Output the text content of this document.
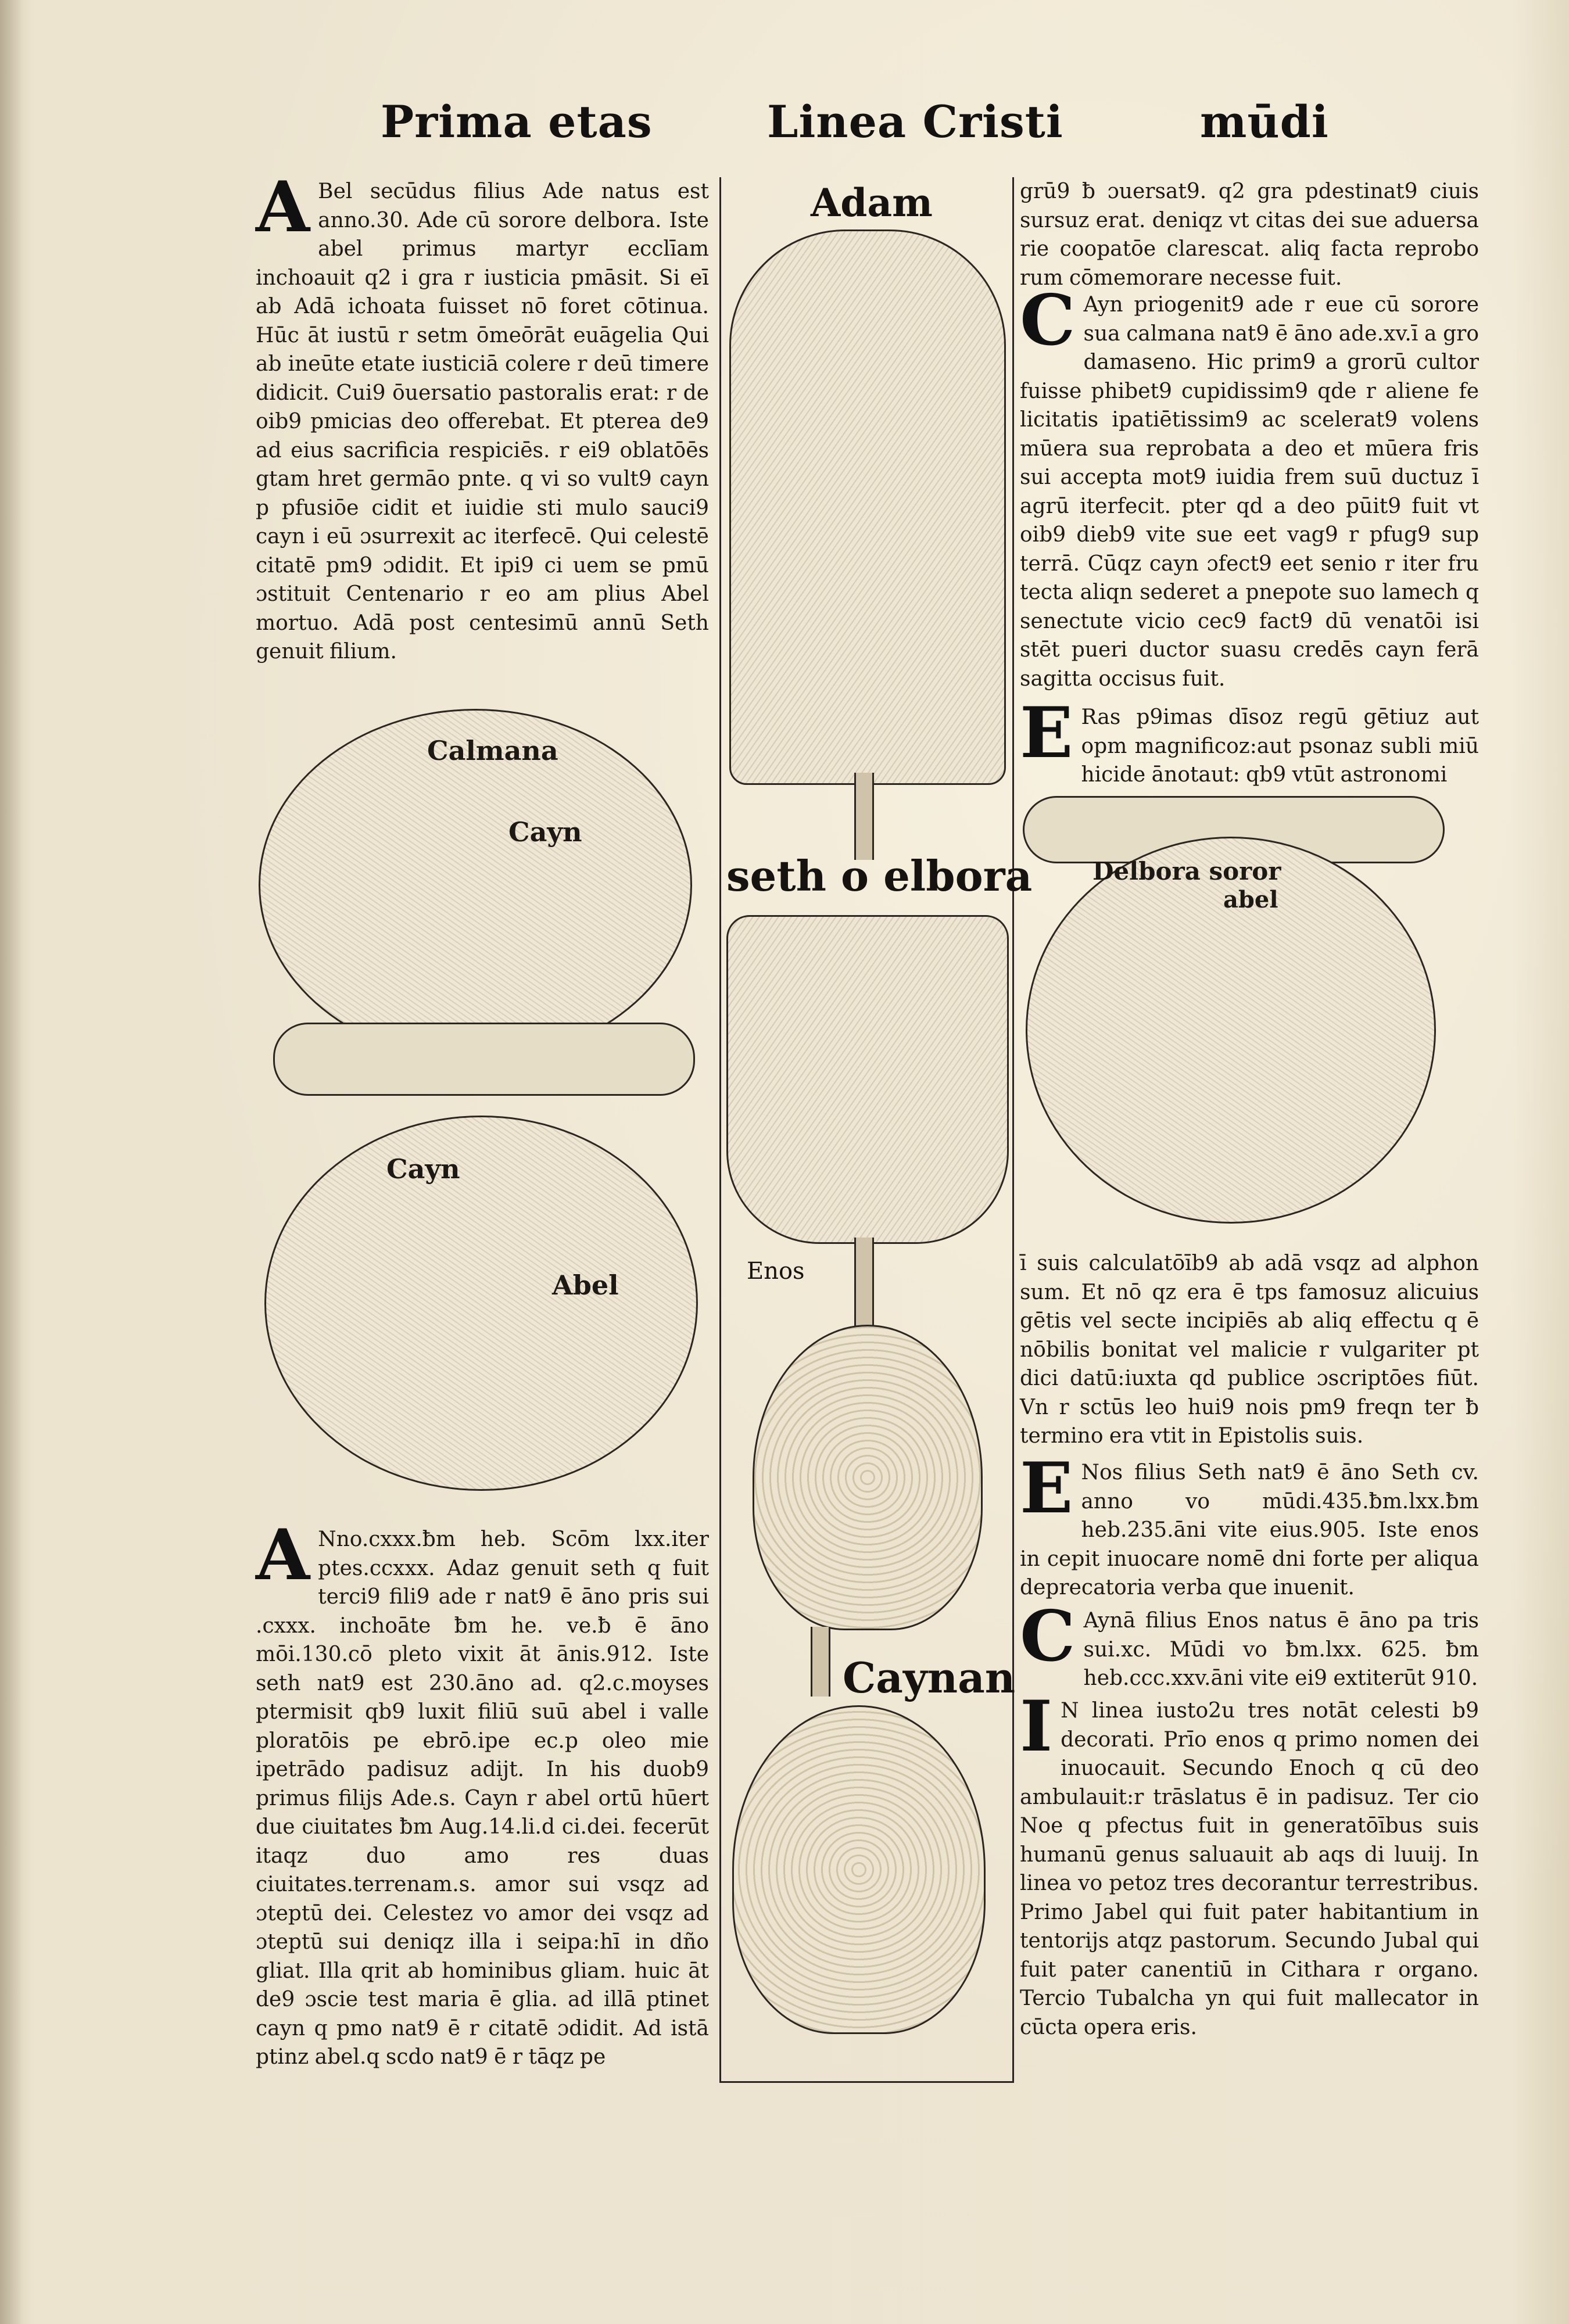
Prima etas	Linea Cristi	mūdi
A Bel secūdus filius Ade natus est anno.30. Ade cū sorore delbora. Iste abel primus martyr ecclīam inchoauit q2 i gra r iusticia pmāsit. Si eī ab Adā ichoata fuisset nō foret cōtinua. Hūc āt iustū r setm ōmeōrāt euāgelia Qui ab ineūte etate iusticiā colere r deū timere didicit. Cui9 ōuersatio pastoralis erat: r de oib9 pmicias deo offerebat. Et pterea de9 ad eius sacrificia respiciēs. r ei9 oblatōēs gtam hret germāo pnte. q vi so vult9 cayn p pfusiōe cidit et iuidie sti mulo sauci9 cayn i eū ɔsurrexit ac iterfecē. Qui celestē citatē pm9 ɔdidit. Et ipi9 ci uem se pmū ɔstituit Centenario r eo am plius Abel mortuo. Adā post centesimū annū Seth genuit filium.
Calmana
Cayn
Cayn
Abel
A Nno.cxxx.ƀm heb. Scōm lxx.iter ptes.ccxxx. Adaz genuit seth q fuit terci9 fili9 ade r nat9 ē āno pris sui .cxxx. inchoāte ƀm he. ve.ƀ ē āno mōi.130.cō pleto vixit āt ānis.912. Iste seth nat9 est 230.āno ad. q2.c.moyses ptermisit qb9 luxit filiū suū abel i valle ploratōis pe ebrō.ipe ec.p oleo mie ipetrādo padisuz adijt. In his duob9 primus filijs Ade.s. Cayn r abel ortū hūert due ciuitates ƀm Aug.14.li.d ci.dei. fecerūt itaqz duo amo res duas ciuitates.terrenam.s. amor sui vsqz ad ɔteptū dei. Celestez vo amor dei vsqz ad ɔteptū sui deniqz illa i seipa:hī in dño gliat. Illa qrit ab hominibus gliam. huic āt de9 ɔscie test maria ē glia. ad illā ptinet cayn q pmo nat9 ē r citatē ɔdidit. Ad istā ptinz abel.q scdo nat9 ē r tāqz pe
Adam
seth o elbora
Enos
Caynan
grū9 ƀ ɔuersat9. q2 gra pdestinat9 ciuis sursuz erat. deniqz vt citas dei sue aduersa rie coopatōe clarescat. aliq facta reprobo rum cōmemorare necesse fuit.
C Ayn priogenit9 ade r eue cū sorore sua calmana nat9 ē āno ade.xv.ī a gro damaseno. Hic prim9 a grorū cultor fuisse phibet9 cupidissim9 qde r aliene fe licitatis ipatiētissim9 ac scelerat9 volens mūera sua reprobata a deo et mūera fris sui accepta mot9 iuidia frem suū ductuz ī agrū iterfecit. pter qd a deo pūit9 fuit vt oib9 dieb9 vite sue eet vag9 r pfug9 sup terrā. Cūqz cayn ɔfect9 eet senio r iter fru tecta aliqn sederet a pnepote suo lamech q senectute vicio cec9 fact9 dū venatōi isi stēt pueri ductor suasu credēs cayn ferā sagitta occisus fuit.
E Ras p9imas dīsoz regū gētiuz aut opm magnificoz:aut psonaz subli miū hicide ānotaut: qb9 vtūt astronomi
Delbora soror
abel
ī suis calculatōīb9 ab adā vsqz ad alphon sum. Et nō qz era ē tps famosuz alicuius gētis vel secte incipiēs ab aliq effectu q ē nōbilis bonitat vel malicie r vulgariter pt dici datū:iuxta qd publice ɔscriptōes fiūt. Vn r sctūs leo hui9 nois pm9 freqn ter ƀ termino era vtit in Epistolis suis.
E Nos filius Seth nat9 ē āno Seth cv. anno vo mūdi.435.ƀm.lxx.ƀm heb.235.āni vite eius.905. Iste enos in cepit inuocare nomē dni forte per aliqua deprecatoria verba que inuenit.
C Aynā filius Enos natus ē āno pa tris sui.xc. Mūdi vo ƀm.lxx. 625. ƀm heb.ccc.xxv.āni vite ei9 extiterūt 910.
I N linea iusto2u tres notāt celesti b9 decorati. Prīo enos q primo nomen dei inuocauit. Secundo Enoch q cū deo ambulauit:r trāslatus ē in padisuz. Ter cio Noe q pfectus fuit in generatōībus suis humanū genus saluauit ab aqs di luuij. In linea vo petoz tres decorantur terrestribus. Primo Jabel qui fuit pater habitantium in tentorijs atqz pastorum. Secundo Jubal qui fuit pater canentiū in Cithara r organo. Tercio Tubalcha yn qui fuit mallecator in cūcta opera eris.
